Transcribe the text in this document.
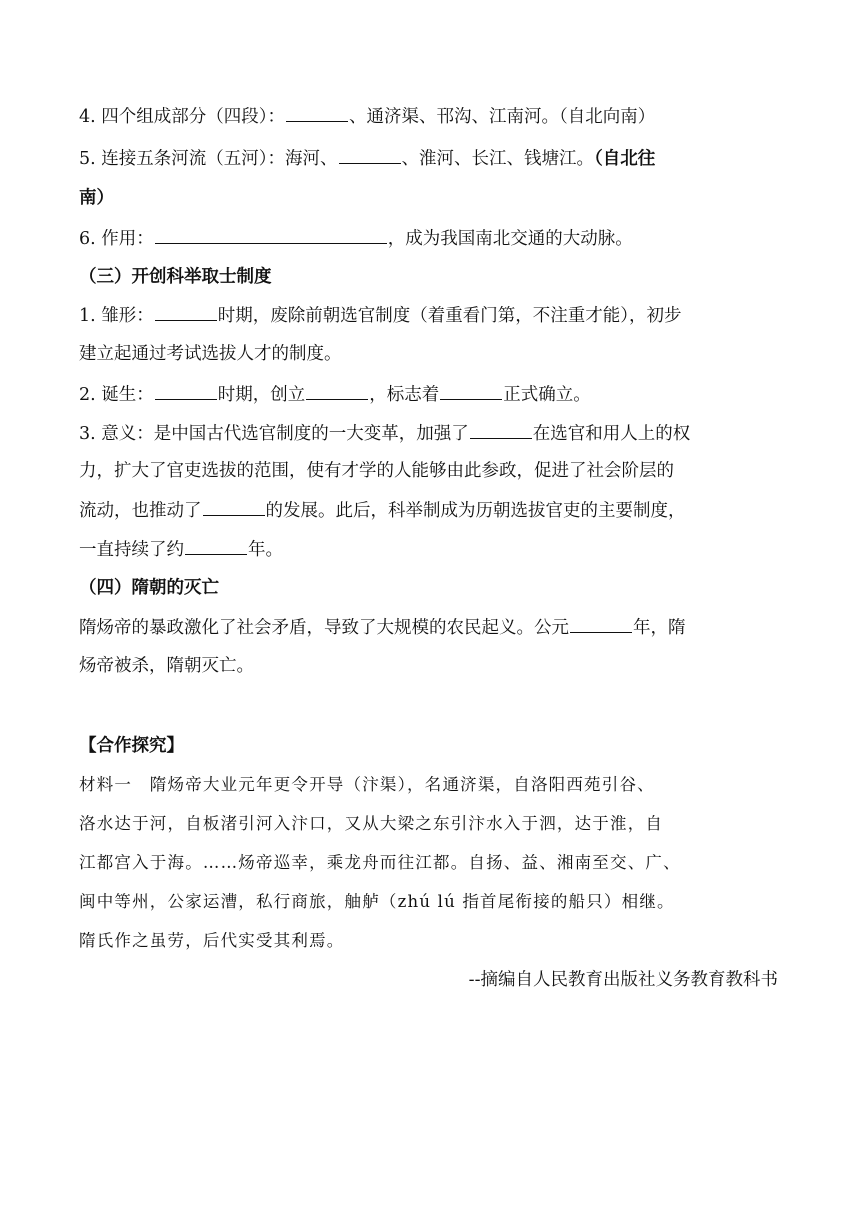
4. 四个组成部分（四段）：	、通济渠、邗沟、江南河。（自北向南）
5. 连接五条河流（五河）：海河、	、淮河、长江、钱塘江。（自北往
南）
6. 作用：	，成为我国南北交通的大动脉。
（三）开创科举取士制度
1. 雏形：	时期，废除前朝选官制度（着重看门第，不注重才能），初步
建立起通过考试选拔人才的制度。
2. 诞生：	时期，创立	，标志着	正式确立。
3. 意义：是中国古代选官制度的一大变革，加强了	在选官和用人上的权
力，扩大了官吏选拔的范围，使有才学的人能够由此参政，促进了社会阶层的
流动，也推动了	的发展。此后，科举制成为历朝选拔官吏的主要制度，
一直持续了约	年。
（四）隋朝的灭亡
隋炀帝的暴政激化了社会矛盾，导致了大规模的农民起义。公元	年，隋
炀帝被杀，隋朝灭亡。
【合作探究】
材料一　隋炀帝大业元年更令开导（汴渠），名通济渠，自洛阳西苑引谷、
洛水达于河，自板渚引河入汴口，又从大梁之东引汴水入于泗，达于淮，自
江都宫入于海。……炀帝巡幸，乘龙舟而往江都。自扬、益、湘南至交、广、
闽中等州，公家运漕，私行商旅，舳舻（zhú lú 指首尾衔接的船只）相继。
隋氏作之虽劳，后代实受其利焉。
--摘编自人民教育出版社义务教育教科书
